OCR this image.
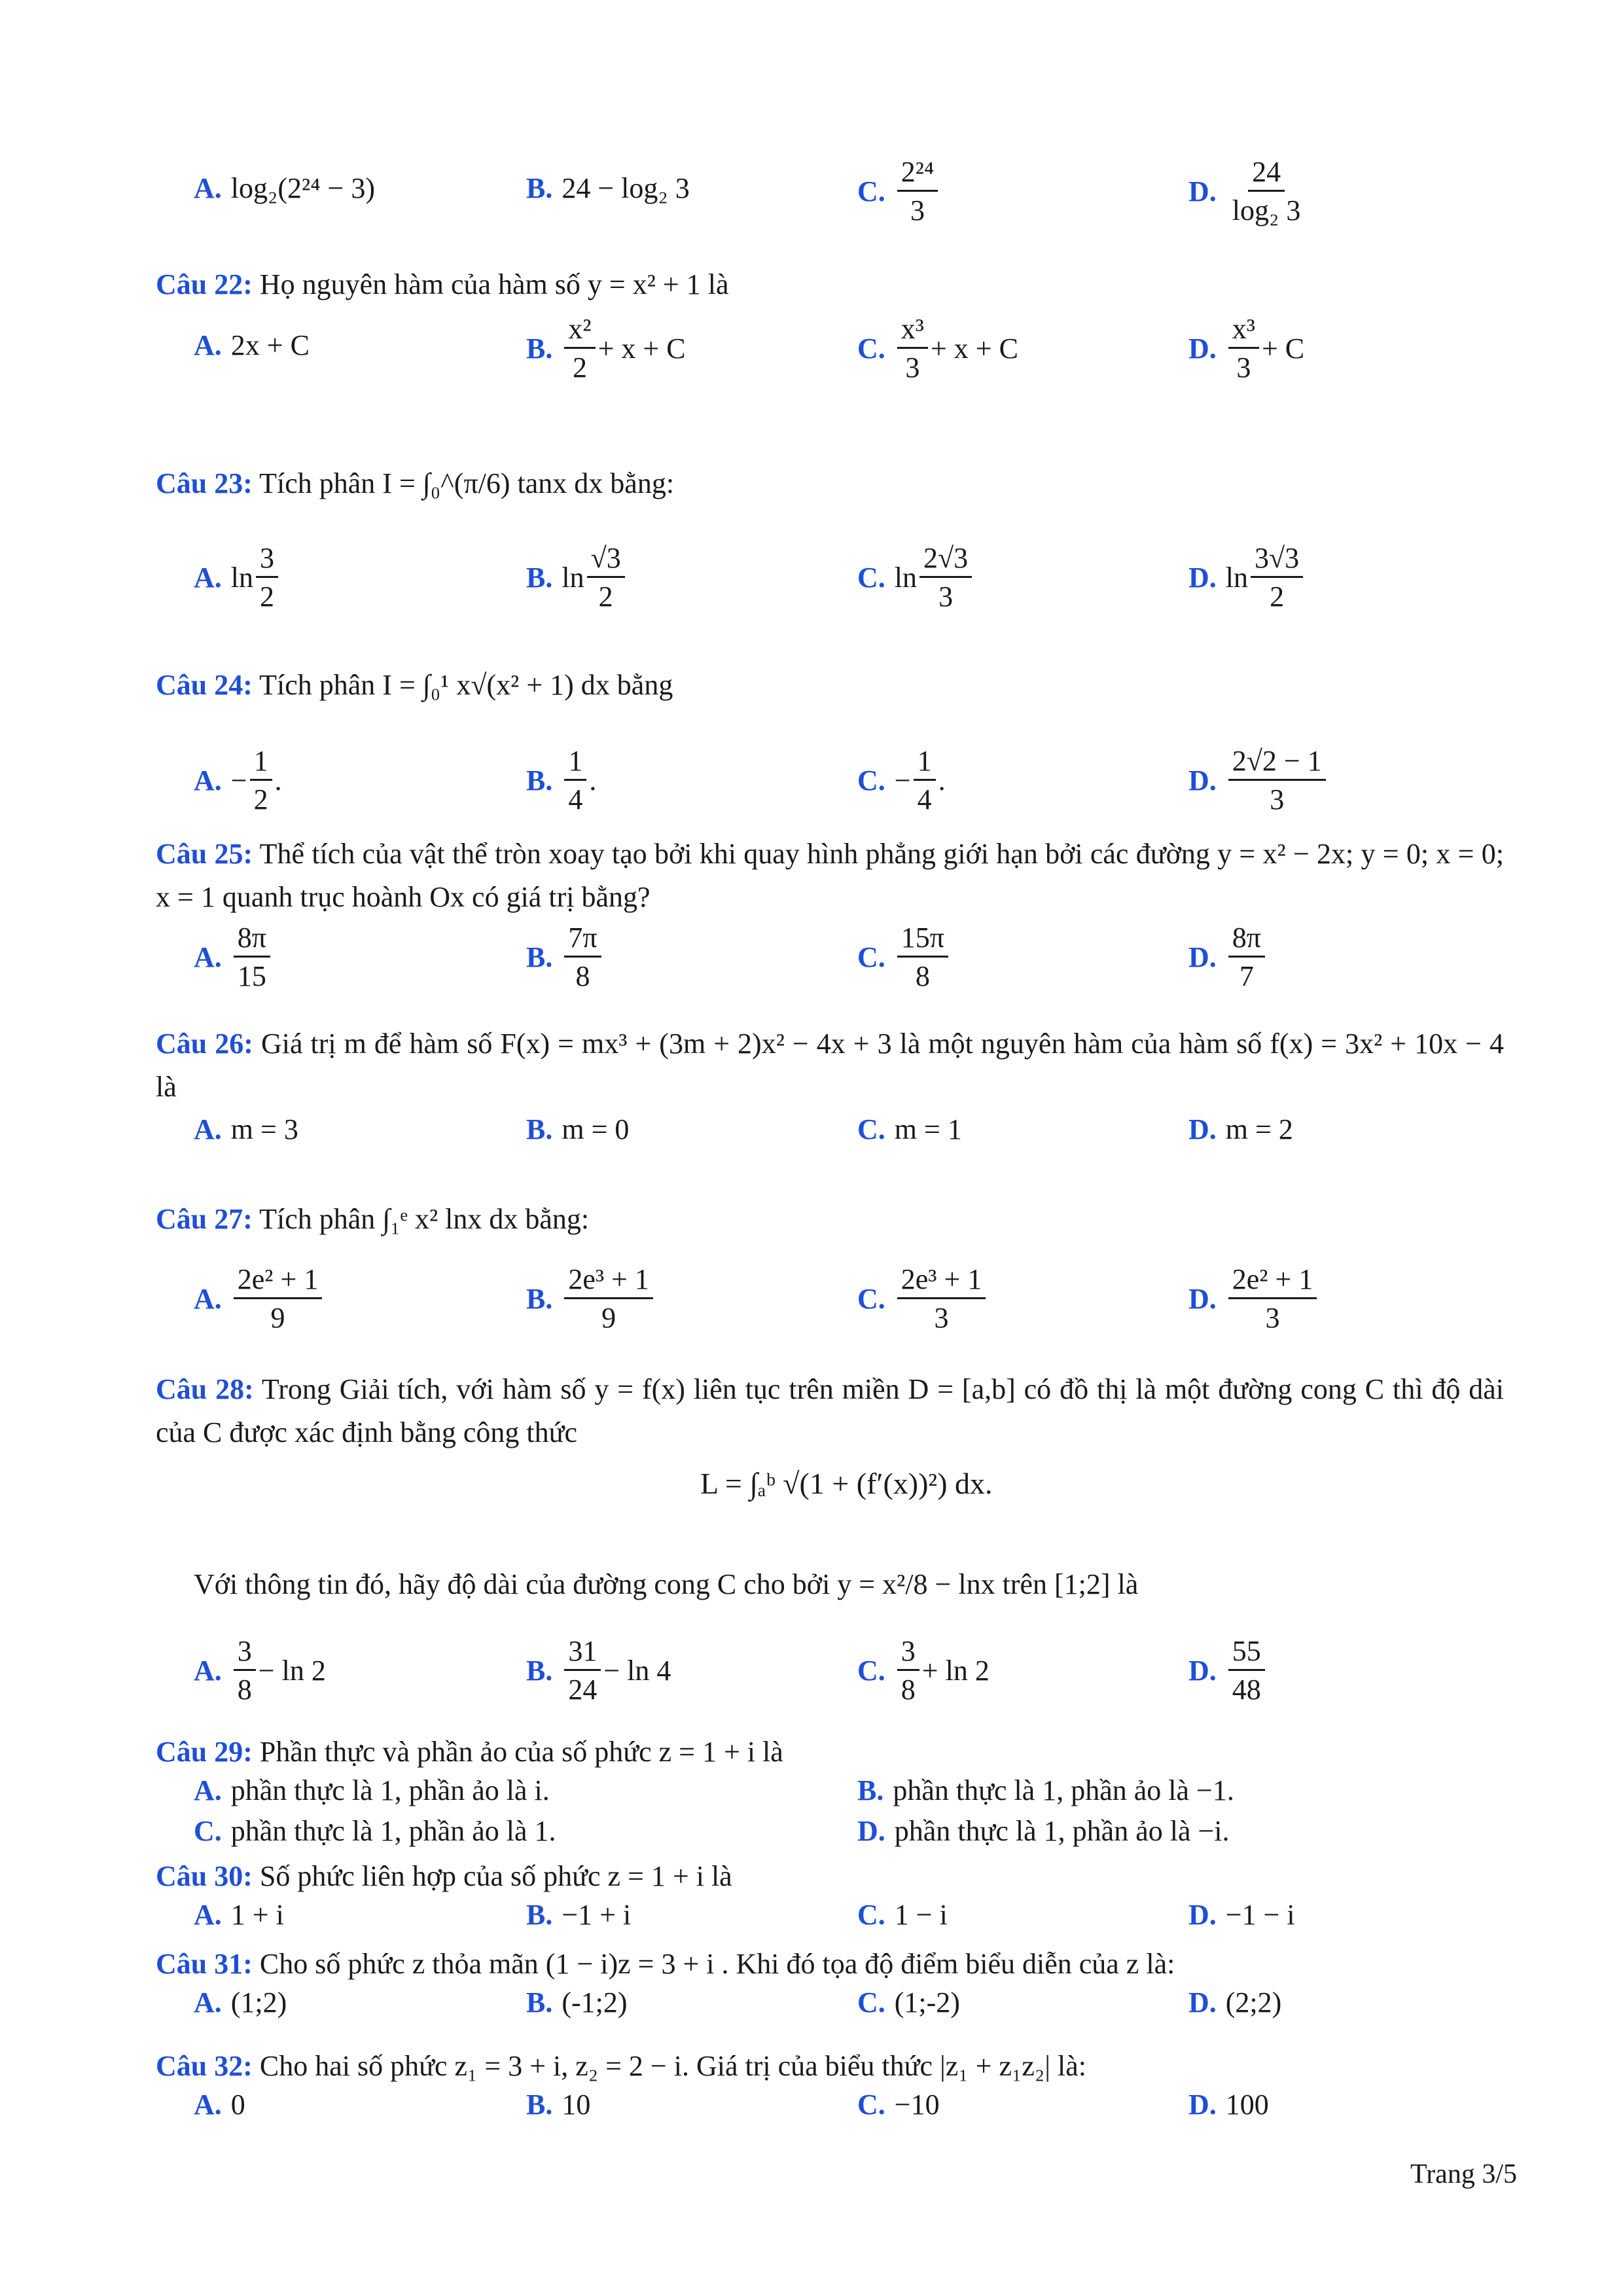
A. log₂(2²⁴ − 3)	B. 24 − log₂ 3	C. $\frac{\text{2²⁴}}{3}$	D. $\frac{24}{\text{log₂ 3}}$
Câu 22: Họ nguyên hàm của hàm số y = x² + 1 là
A. 2x + C	B. $\frac{\text{x²}}{2} + x + C$	C. $\frac{\text{x³}}{3} + x + C$	D. $\frac{\text{x³}}{3} + C$
Câu 23: Tích phân I = ∫₀^(π/6) tanx dx bằng:
A. $\ln \frac{3}{2}$	B. $\ln \frac{√3}{2}$	C. $\ln \frac{2√3}{3}$	D. $\ln \frac{3√3}{2}$
Câu 24: Tích phân I = ∫₀¹ x√(x² + 1) dx bằng
A. − $\frac{1}{2}$ .	B. $\frac{1}{4}$ .	C. − $\frac{1}{4}$ .	D. $\frac{2√2 - 1}{3}$
Câu 25: Thể tích của vật thể tròn xoay tạo bởi khi quay hình phẳng giới hạn bởi các đường y = x² − 2x; y = 0; x = 0; x = 1 quanh trục hoành Ox có giá trị bằng?
A. $\frac{8\pi}{15}$	B. $\frac{7\pi}{8}$	C. $\frac{15\pi}{8}$	D. $\frac{8\pi}{7}$
Câu 26: Giá trị m để hàm số F(x) = mx³ + (3m + 2)x² − 4x + 3 là một nguyên hàm của hàm số f(x) = 3x² + 10x − 4 là
A. m = 3	B. m = 0	C. m = 1	D. m = 2
Câu 27: Tích phân ∫₁ᵉ x² lnx dx bằng:
A. $\frac{\text{2e² + 1}}{9}$	B. $\frac{\text{2e³ + 1}}{9}$	C. $\frac{\text{2e³ + 1}}{3}$	D. $\frac{\text{2e² + 1}}{3}$
Câu 28: Trong Giải tích, với hàm số y = f(x) liên tục trên miền D = [a,b] có đồ thị là một đường cong C thì độ dài của C được xác định bằng công thức
L = ∫ₐᵇ √(1 + (f′(x))²) dx.
Với thông tin đó, hãy độ dài của đường cong C cho bởi y = x²/8 − lnx trên [1;2] là
A. $\frac{3}{8} - \ln 2$	B. $\frac{31}{24} - \ln 4$	C. $\frac{3}{8} + \ln 2$	D. $\frac{55}{48}$
Câu 29: Phần thực và phần ảo của số phức z = 1 + i là
A. phần thực là 1, phần ảo là i.	B. phần thực là 1, phần ảo là −1.
C. phần thực là 1, phần ảo là 1.	D. phần thực là 1, phần ảo là −i.
Câu 30: Số phức liên hợp của số phức z = 1 + i là
A. 1 + i	B. −1 + i	C. 1 − i	D. −1 − i
Câu 31: Cho số phức z thỏa mãn (1 − i)z = 3 + i . Khi đó tọa độ điểm biểu diễn của z là:
A. (1;2)	B. (-1;2)	C. (1;-2)	D. (2;2)
Câu 32: Cho hai số phức z₁ = 3 + i, z₂ = 2 − i. Giá trị của biểu thức |z₁ + z₁z₂| là:
A. 0	B. 10	C. −10	D. 100
Trang 3/5
